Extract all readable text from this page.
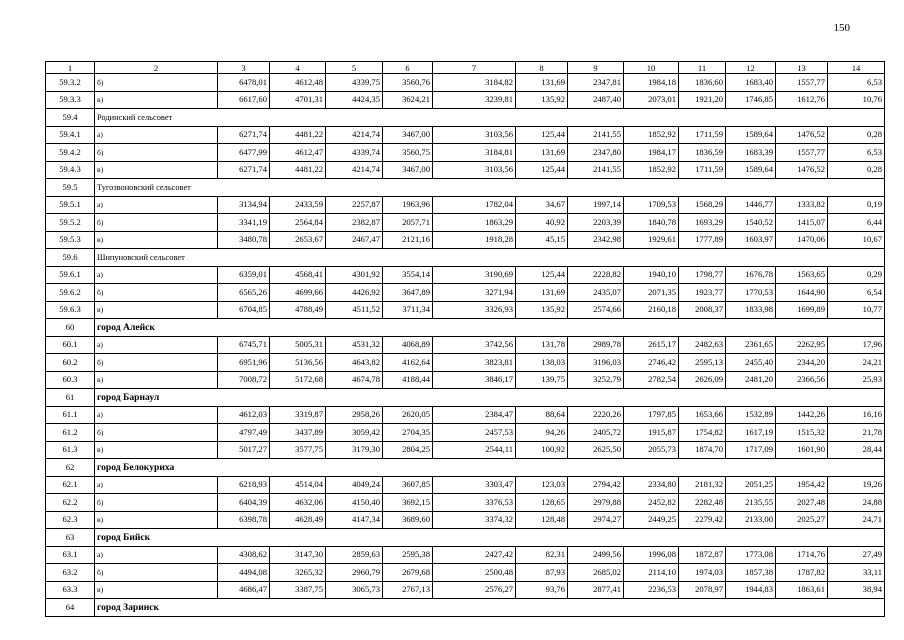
150
1	2	3	4	5	6	7	8	9	10	11	12	13	14
59.3.2	б)	6478,01	4612,48	4339,75	3560,76	3184,82	131,69	2347,81	1984,18	1836,60	1683,40	1557,77	6,53
59.3.3	в)	6617,60	4701,31	4424,35	3624,21	3239,81	135,92	2487,40	2073,01	1921,20	1746,85	1612,76	10,76
59.4	Родинский сельсовет												
59.4.1	а)	6271,74	4481,22	4214,74	3467,00	3103,56	125,44	2141,55	1852,92	1711,59	1589,64	1476,52	0,28
59.4.2	б)	6477,99	4612,47	4339,74	3560,75	3184,81	131,69	2347,80	1984,17	1836,59	1683,39	1557,77	6,53
59.4.3	в)	6271,74	4481,22	4214,74	3467,00	3103,56	125,44	2141,55	1852,92	1711,59	1589,64	1476,52	0,28
59.5	Тугозвоновский сельсовет												
59.5.1	а)	3134,94	2433,59	2257,87	1963,96	1782,04	34,67	1997,14	1709,53	1568,29	1446,77	1333,82	0,19
59.5.2	б)	3341,19	2564,84	2382,87	2057,71	1863,29	40,92	2203,39	1840,78	1693,29	1540,52	1415,07	6,44
59.5.3	в)	3480,78	2653,67	2467,47	2121,16	1918,28	45,15	2342,98	1929,61	1777,89	1603,97	1470,06	10,67
59.6	Шипуновский сельсовет												
59.6.1	а)	6359,01	4568,41	4301,92	3554,14	3190,69	125,44	2228,82	1940,10	1798,77	1676,78	1563,65	0,29
59.6.2	б)	6565,26	4699,66	4426,92	3647,89	3271,94	131,69	2435,07	2071,35	1923,77	1770,53	1644,90	6,54
59.6.3	в)	6704,85	4788,49	4511,52	3711,34	3326,93	135,92	2574,66	2160,18	2008,37	1833,98	1699,89	10,77
60	город Алейск												
60.1	а)	6745,71	5005,31	4531,32	4068,89	3742,56	131,78	2989,78	2615,17	2482,63	2361,65	2262,95	17,96
60.2	б)	6951,96	5136,56	4643,82	4162,64	3823,81	138,03	3196,03	2746,42	2595,13	2455,40	2344,20	24,21
60.3	в)	7008,72	5172,68	4674,78	4188,44	3846,17	139,75	3252,79	2782,54	2626,09	2481,20	2366,56	25,93
61	город Барнаул												
61.1	а)	4612,03	3319,87	2958,26	2620,05	2384,47	88,64	2220,26	1797,85	1653,66	1532,89	1442,26	16,16
61.2	б)	4797,49	3437,89	3059,42	2704,35	2457,53	94,26	2405,72	1915,87	1754,82	1617,19	1515,32	21,78
61.3	в)	5017,27	3577,75	3179,30	2804,25	2544,11	100,92	2625,50	2055,73	1874,70	1717,09	1601,90	28,44
62	город Белокуриха												
62.1	а)	6218,93	4514,04	4049,24	3607,85	3303,47	123,03	2794,42	2334,80	2181,32	2051,25	1954,42	19,26
62.2	б)	6404,39	4632,06	4150,40	3692,15	3376,53	128,65	2979,88	2452,82	2282,48	2135,55	2027,48	24,88
62.3	в)	6398,78	4628,49	4147,34	3689,60	3374,32	128,48	2974,27	2449,25	2279,42	2133,00	2025,27	24,71
63	город Бийск												
63.1	а)	4308,62	3147,30	2859,63	2595,38	2427,42	82,31	2499,56	1996,08	1872,87	1773,08	1714,76	27,49
63.2	б)	4494,08	3265,32	2960,79	2679,68	2500,48	87,93	2685,02	2114,10	1974,03	1857,38	1787,82	33,11
63.3	в)	4686,47	3387,75	3065,73	2767,13	2576,27	93,76	2877,41	2236,53	2078,97	1944,83	1863,61	38,94
64	город Заринск												
